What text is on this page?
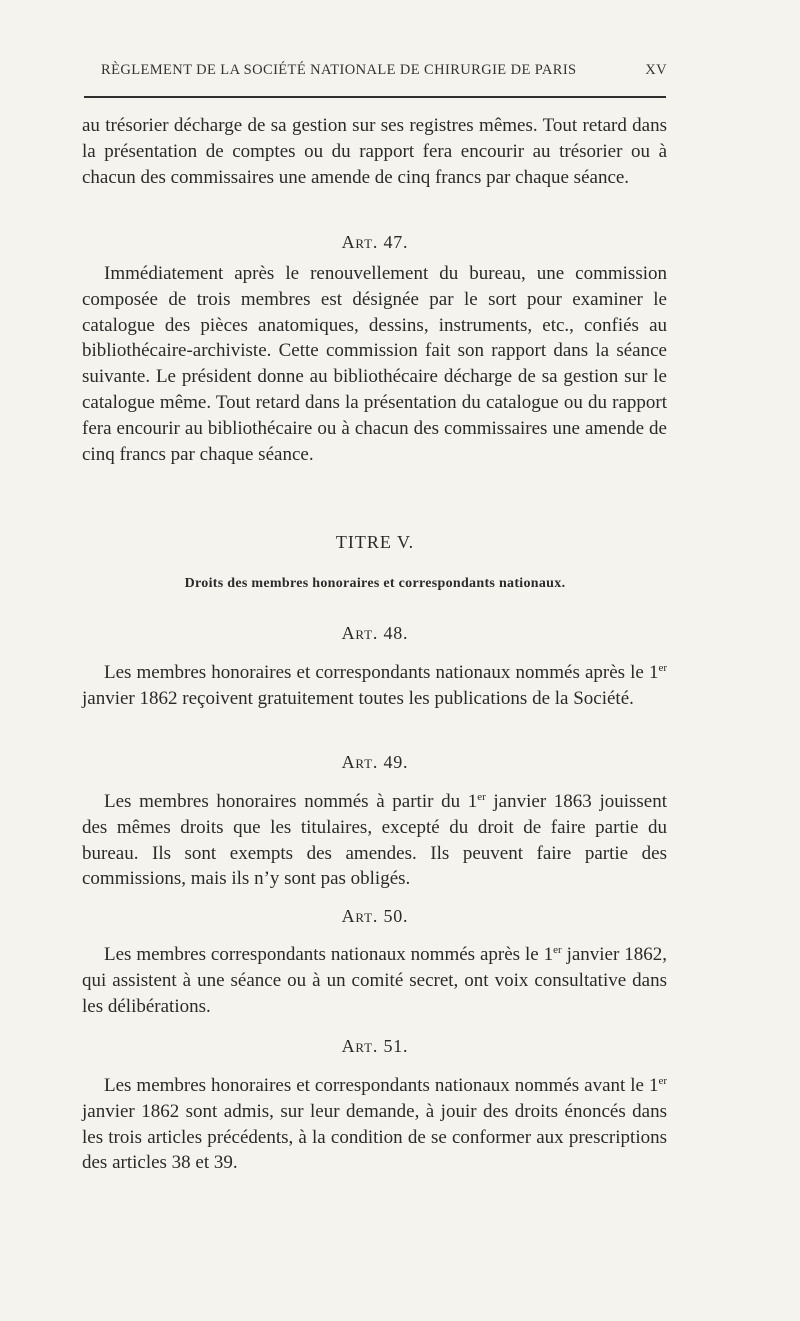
RÈGLEMENT DE LA SOCIÉTÉ NATIONALE DE CHIRURGIE DE PARIS	XV

au trésorier décharge de sa gestion sur ses registres mêmes. Tout retard dans la présentation de comptes ou du rapport fera encourir au trésorier ou à chacun des commissaires une amende de cinq francs par chaque séance.

Art. 47.

Immédiatement après le renouvellement du bureau, une commission composée de trois membres est désignée par le sort pour examiner le catalogue des pièces anatomiques, dessins, instruments, etc., confiés au bibliothécaire-archiviste. Cette commission fait son rapport dans la séance suivante. Le président donne au bibliothécaire décharge de sa gestion sur le catalogue même. Tout retard dans la présentation du catalogue ou du rapport fera encourir au bibliothécaire ou à chacun des commissaires une amende de cinq francs par chaque séance.

TITRE V.
Droits des membres honoraires et correspondants nationaux.
Art. 48.

Les membres honoraires et correspondants nationaux nommés après le 1er janvier 1862 reçoivent gratuitement toutes les publications de la Société.

Art. 49.

Les membres honoraires nommés à partir du 1er janvier 1863 jouissent des mêmes droits que les titulaires, excepté du droit de faire partie du bureau. Ils sont exempts des amendes. Ils peuvent faire partie des commissions, mais ils n’y sont pas obligés.

Art. 50.

Les membres correspondants nationaux nommés après le 1er janvier 1862, qui assistent à une séance ou à un comité secret, ont voix consultative dans les délibérations.

Art. 51.

Les membres honoraires et correspondants nationaux nommés avant le 1er janvier 1862 sont admis, sur leur demande, à jouir des droits énoncés dans les trois articles précédents, à la condition de se conformer aux prescriptions des articles 38 et 39.
